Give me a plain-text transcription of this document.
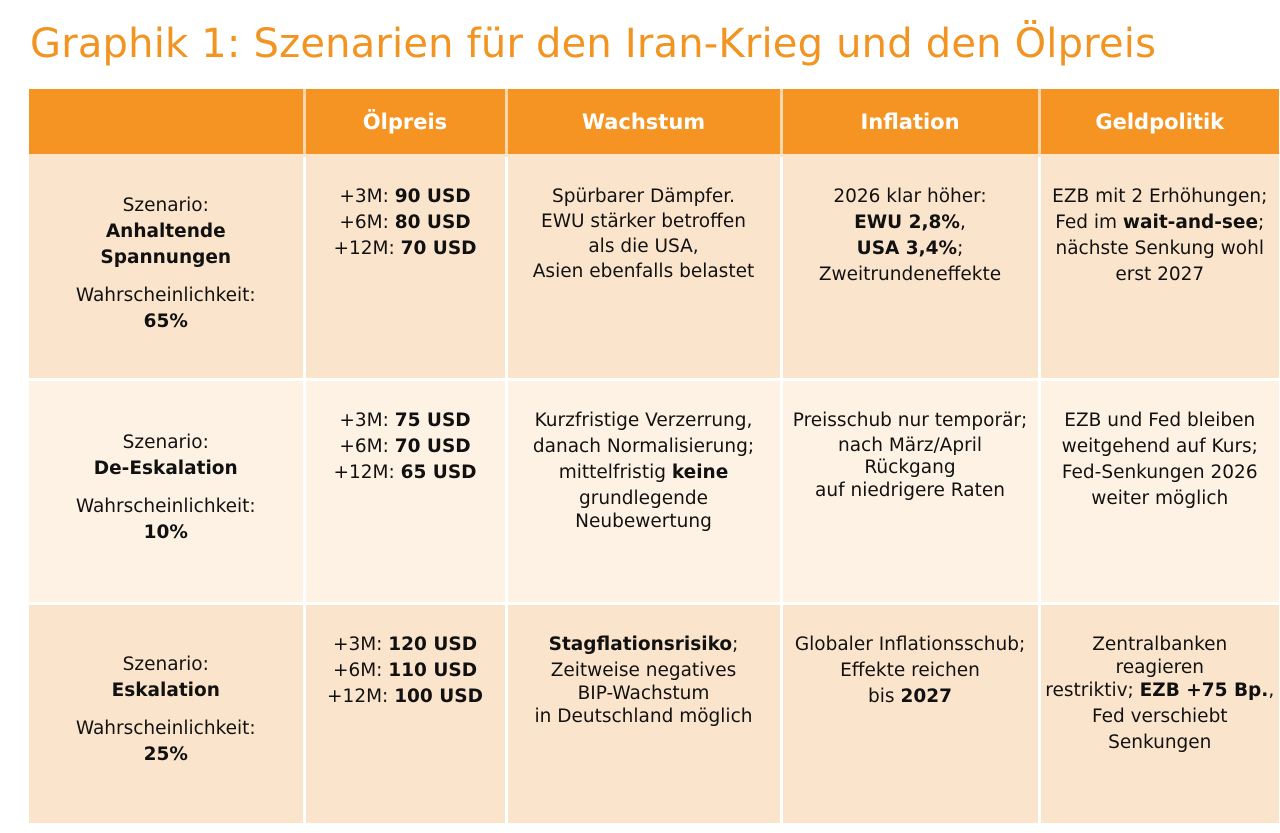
Graphik 1: Szenarien für den Iran-Krieg und den Ölpreis
	Ölpreis	Wachstum	Inflation	Geldpolitik

Szenario:
Anhaltende
Spannungen
Wahrscheinlichkeit:
65%	+3M: 90 USD
+6M: 80 USD
+12M: 70 USD	Spürbarer Dämpfer.
EWU stärker betroffen
als die USA,
Asien ebenfalls belastet	2026 klar höher:
EWU 2,8%,
USA 3,4%;
Zweitrundeneffekte	EZB mit 2 Erhöhungen;
Fed im wait-and-see;
nächste Senkung wohl
erst 2027

Szenario:
De-Eskalation
Wahrscheinlichkeit:
10%	+3M: 75 USD
+6M: 70 USD
+12M: 65 USD	Kurzfristige Verzerrung,
danach Normalisierung;
mittelfristig keine
grundlegende
Neubewertung	Preisschub nur temporär;
nach März/April
Rückgang
auf niedrigere Raten	EZB und Fed bleiben
weitgehend auf Kurs;
Fed-Senkungen 2026
weiter möglich

Szenario:
Eskalation
Wahrscheinlichkeit:
25%	+3M: 120 USD
+6M: 110 USD
+12M: 100 USD	Stagflationsrisiko;
Zeitweise negatives
BIP-Wachstum
in Deutschland möglich	Globaler Inflationsschub;
Effekte reichen
bis 2027	Zentralbanken
reagieren
restriktiv; EZB +75 Bp.,
Fed verschiebt
Senkungen
